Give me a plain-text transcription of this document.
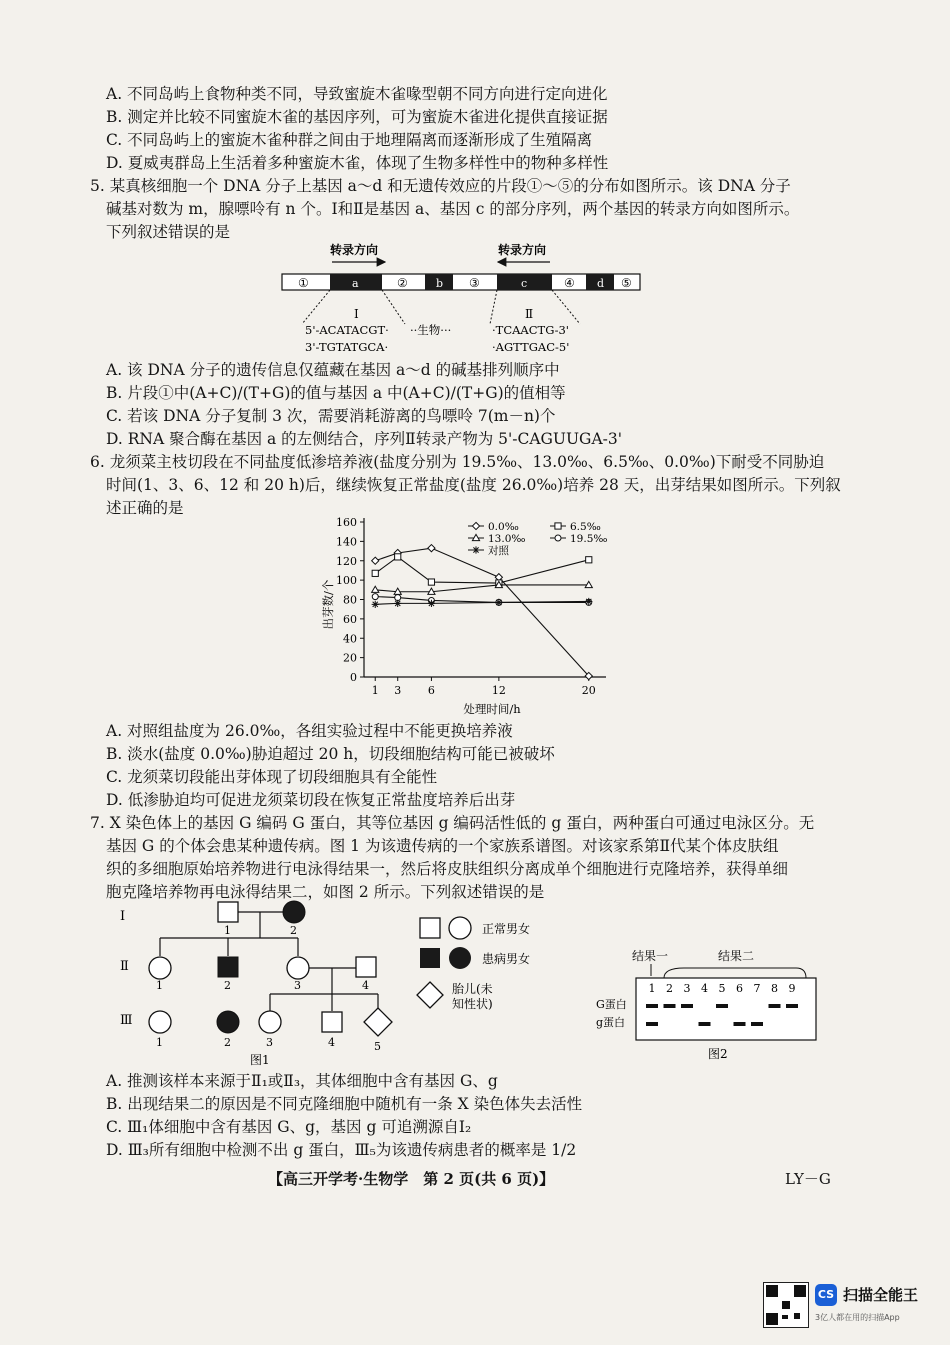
A. 不同岛屿上食物种类不同，导致蜜旋木雀喙型朝不同方向进行定向进化
B. 测定并比较不同蜜旋木雀的基因序列，可为蜜旋木雀进化提供直接证据
C. 不同岛屿上的蜜旋木雀种群之间由于地理隔离而逐渐形成了生殖隔离
D. 夏威夷群岛上生活着多种蜜旋木雀，体现了生物多样性中的物种多样性
5. 某真核细胞一个 DNA 分子上基因 a～d 和无遗传效应的片段①～⑤的分布如图所示。该 DNA 分子
碱基对数为 m，腺嘌呤有 n 个。Ⅰ和Ⅱ是基因 a、基因 c 的部分序列，两个基因的转录方向如图所示。
下列叙述错误的是
转录方向	转录方向
①	a	②	b ③	c	④ d ⑤
Ⅰ	Ⅱ
5'-ACATACGT· ··生物···	·TCAACTG-3'
3'-TGTATGCA·	·AGTTGAC-5'
A. 该 DNA 分子的遗传信息仅蕴藏在基因 a～d 的碱基排列顺序中
B. 片段①中(A+C)/(T+G)的值与基因 a 中(A+C)/(T+G)的值相等
C. 若该 DNA 分子复制 3 次，需要消耗游离的鸟嘌呤 7(m－n)个
D. RNA 聚合酶在基因 a 的左侧结合，序列Ⅱ转录产物为 5'-CAGUUGA-3'
6. 龙须菜主枝切段在不同盐度低渗培养液(盐度分别为 19.5‰、13.0‰、6.5‰、0.0‰)下耐受不同胁迫
时间(1、3、6、12 和 20 h)后，继续恢复正常盐度(盐度 26.0‰)培养 28 天，出芽结果如图所示。下列叙
述正确的是
0
20
40
60
80
100
120
140
160
1 3 6	12	20
处理时间/h
出芽数/个
0.0‰	6.5‰
13.0‰	19.5‰
对照
A. 对照组盐度为 26.0‰，各组实验过程中不能更换培养液
B. 淡水(盐度 0.0‰)胁迫超过 20 h，切段细胞结构可能已被破坏
C. 龙须菜切段能出芽体现了切段细胞具有全能性
D. 低渗胁迫均可促进龙须菜切段在恢复正常盐度培养后出芽
7. X 染色体上的基因 G 编码 G 蛋白，其等位基因 g 编码活性低的 g 蛋白，两种蛋白可通过电泳区分。无
基因 G 的个体会患某种遗传病。图 1 为该遗传病的一个家族系谱图。对该家系第Ⅱ代某个体皮肤组
织的多细胞原始培养物进行电泳得结果一，然后将皮肤组织分离成单个细胞进行克隆培养，获得单细
胞克隆培养物再电泳得结果二，如图 2 所示。下列叙述错误的是
Ⅰ
Ⅱ
Ⅲ
1	2
1	2	3	4
1	2	3	4	5
图1
正常男女
患病男女
胎儿(未
知性状)
结果一	结果二
1 2 3 4 5 6 7 8 9
G蛋白
g蛋白
图2
A. 推测该样本来源于Ⅱ₁或Ⅱ₃，其体细胞中含有基因 G、g
B. 出现结果二的原因是不同克隆细胞中随机有一条 X 染色体失去活性
C. Ⅲ₁体细胞中含有基因 G、g，基因 g 可追溯源自Ⅰ₂
D. Ⅲ₃所有细胞中检测不出 g 蛋白，Ⅲ₅为该遗传病患者的概率是 1/2
【高三开学考·生物学　第 2 页(共 6 页)】	LY－G
CS 扫描全能王
3亿人都在用的扫描App
